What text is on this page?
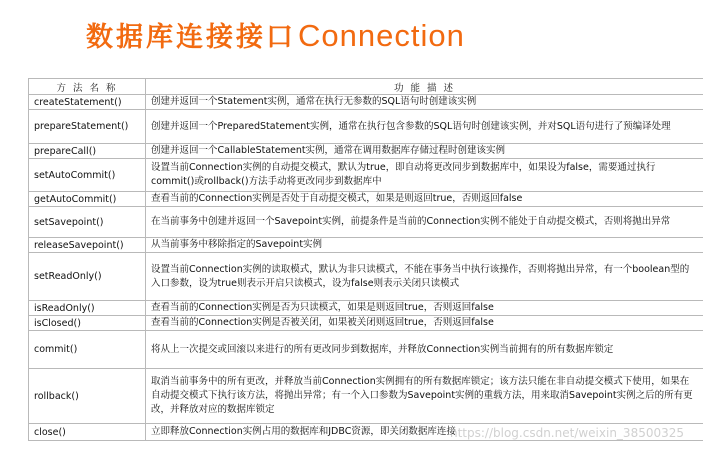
数据库连接接口Connection
方 法 名 称	功 能 描 述
createStatement()	创建并返回一个Statement实例，通常在执行无参数的SQL语句时创建该实例
prepareStatement()	创建并返回一个PreparedStatement实例，通常在执行包含参数的SQL语句时创建该实例，并对SQL语句进行了预编译处理
prepareCall()	创建并返回一个CallableStatement实例，通常在调用数据库存储过程时创建该实例
setAutoCommit()	设置当前Connection实例的自动提交模式，默认为true，即自动将更改同步到数据库中，如果设为false，需要通过执行commit()或rollback()方法手动将更改同步到数据库中
getAutoCommit()	查看当前的Connection实例是否处于自动提交模式，如果是则返回true，否则返回false
setSavepoint()	在当前事务中创建并返回一个Savepoint实例，前提条件是当前的Connection实例不能处于自动提交模式，否则将抛出异常
releaseSavepoint()	从当前事务中移除指定的Savepoint实例
setReadOnly()	设置当前Connection实例的读取模式，默认为非只读模式，不能在事务当中执行该操作，否则将抛出异常，有一个boolean型的入口参数，设为true则表示开启只读模式，设为false则表示关闭只读模式
isReadOnly()	查看当前的Connection实例是否为只读模式，如果是则返回true，否则返回false
isClosed()	查看当前的Connection实例是否被关闭，如果被关闭则返回true，否则返回false
commit()	将从上一次提交或回滚以来进行的所有更改同步到数据库，并释放Connection实例当前拥有的所有数据库锁定
rollback()	取消当前事务中的所有更改，并释放当前Connection实例拥有的所有数据库锁定；该方法只能在非自动提交模式下使用，如果在自动提交模式下执行该方法，将抛出异常；有一个入口参数为Savepoint实例的重载方法，用来取消Savepoint实例之后的所有更改，并释放对应的数据库锁定
close()	立即释放Connection实例占用的数据库和JDBC资源，即关闭数据库连接
https://blog.csdn.net/weixin_38500325
